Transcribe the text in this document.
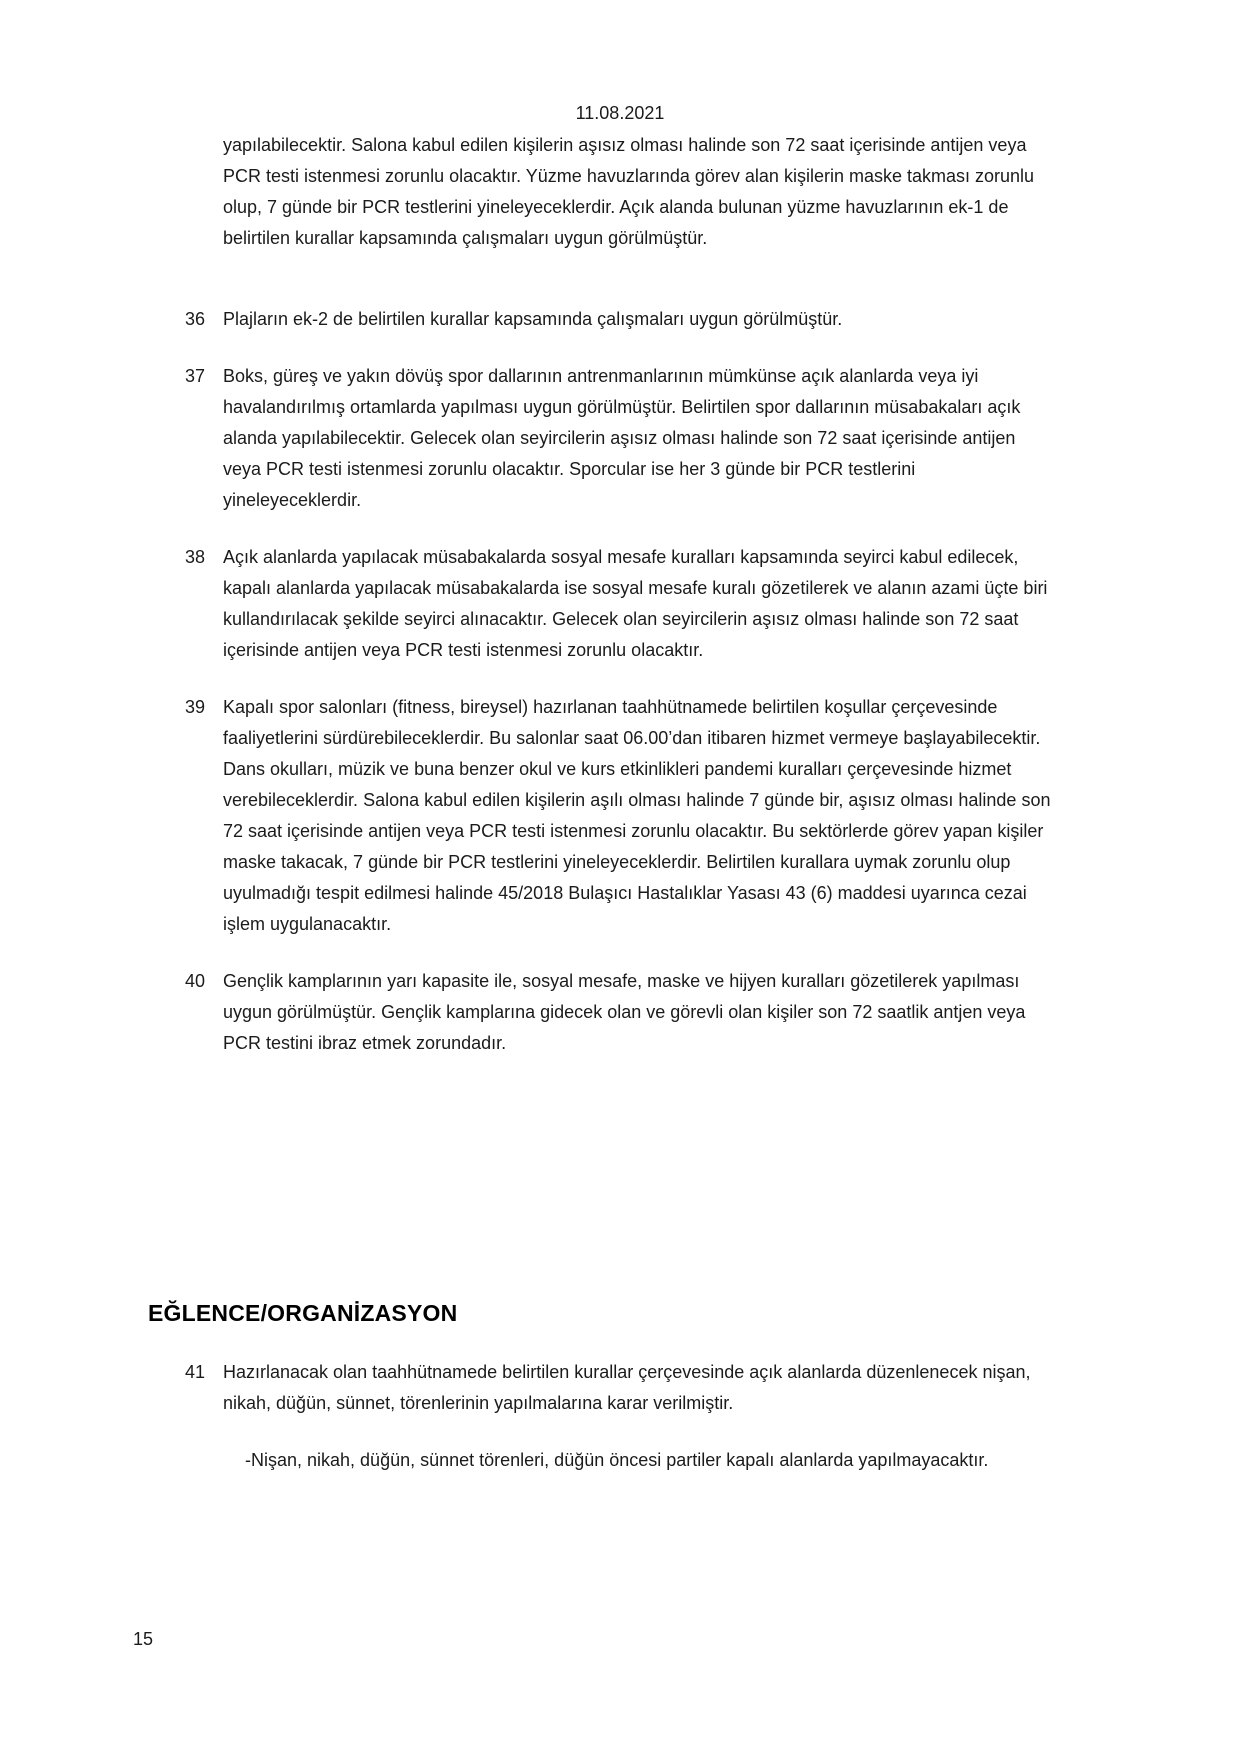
11.08.2021
yapılabilecektir. Salona kabul edilen kişilerin aşısız olması halinde son 72 saat içerisinde antijen veya PCR testi istenmesi zorunlu olacaktır. Yüzme havuzlarında görev alan kişilerin maske takması zorunlu olup, 7 günde bir PCR testlerini yineleyeceklerdir. Açık alanda bulunan yüzme havuzlarının ek-1 de belirtilen kurallar kapsamında çalışmaları uygun görülmüştür.
36 Plajların ek-2 de belirtilen kurallar kapsamında çalışmaları uygun görülmüştür.
37 Boks, güreş ve yakın dövüş spor dallarının antrenmanlarının mümkünse açık alanlarda veya iyi havalandırılmış ortamlarda yapılması uygun görülmüştür. Belirtilen spor dallarının müsabakaları açık alanda yapılabilecektir. Gelecek olan seyircilerin aşısız olması halinde son 72 saat içerisinde antijen veya PCR testi istenmesi zorunlu olacaktır. Sporcular ise her 3 günde bir PCR testlerini yineleyeceklerdir.
38 Açık alanlarda yapılacak müsabakalarda sosyal mesafe kuralları kapsamında seyirci kabul edilecek, kapalı alanlarda yapılacak müsabakalarda ise sosyal mesafe kuralı gözetilerek ve alanın azami üçte biri kullandırılacak şekilde seyirci alınacaktır. Gelecek olan seyircilerin aşısız olması halinde son 72 saat içerisinde antijen veya PCR testi istenmesi zorunlu olacaktır.
39 Kapalı spor salonları (fitness, bireysel) hazırlanan taahhütnamede belirtilen koşullar çerçevesinde faaliyetlerini sürdürebileceklerdir. Bu salonlar saat 06.00’dan itibaren hizmet vermeye başlayabilecektir. Dans okulları, müzik ve buna benzer okul ve kurs etkinlikleri pandemi kuralları çerçevesinde hizmet verebileceklerdir. Salona kabul edilen kişilerin aşılı olması halinde 7 günde bir, aşısız olması halinde son 72 saat içerisinde antijen veya PCR testi istenmesi zorunlu olacaktır. Bu sektörlerde görev yapan kişiler maske takacak, 7 günde bir PCR testlerini yineleyeceklerdir. Belirtilen kurallara uymak zorunlu olup uyulmadığı tespit edilmesi halinde 45/2018 Bulaşıcı Hastalıklar Yasası 43 (6) maddesi uyarınca cezai işlem uygulanacaktır.
40 Gençlik kamplarının yarı kapasite ile, sosyal mesafe, maske ve hijyen kuralları gözetilerek yapılması uygun görülmüştür. Gençlik kamplarına gidecek olan ve görevli olan kişiler son 72 saatlik antjen veya PCR testini ibraz etmek zorundadır.
EĞLENCE/ORGANİZASYON
41 Hazırlanacak olan taahhütnamede belirtilen kurallar çerçevesinde açık alanlarda düzenlenecek nişan, nikah, düğün, sünnet, törenlerinin yapılmalarına karar verilmiştir.
-Nişan, nikah, düğün, sünnet törenleri, düğün öncesi partiler kapalı alanlarda yapılmayacaktır.
15
